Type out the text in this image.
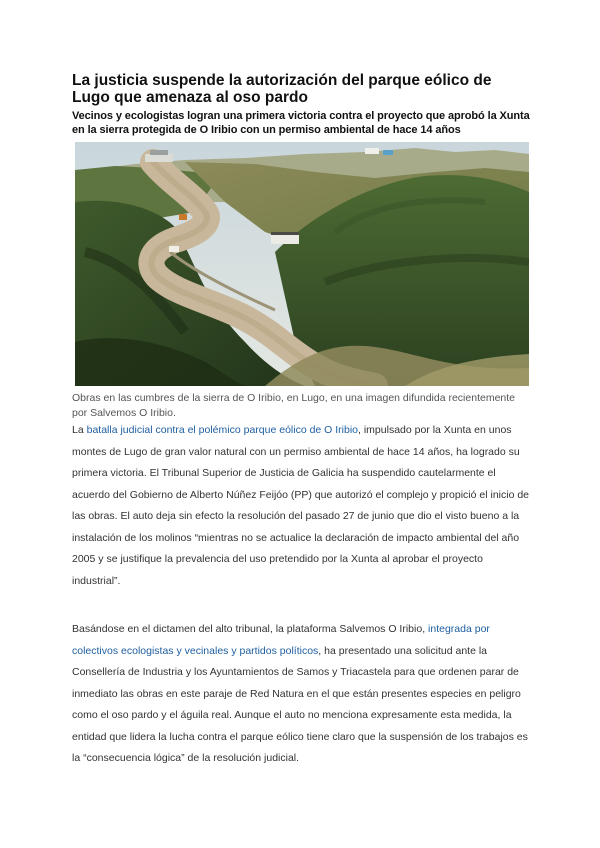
La justicia suspende la autorización del parque eólico de Lugo que amenaza al oso pardo

Vecinos y ecologistas logran una primera victoria contra el proyecto que aprobó la Xunta en la sierra protegida de O Iribio con un permiso ambiental de hace 14 años

Obras en las cumbres de la sierra de O Iribio, en Lugo, en una imagen difundida recientemente por Salvemos O Iribio.

La batalla judicial contra el polémico parque eólico de O Iribio, impulsado por la Xunta en unos montes de Lugo de gran valor natural con un permiso ambiental de hace 14 años, ha logrado su primera victoria. El Tribunal Superior de Justicia de Galicia ha suspendido cautelarmente el acuerdo del Gobierno de Alberto Núñez Feijóo (PP) que autorizó el complejo y propició el inicio de las obras. El auto deja sin efecto la resolución del pasado 27 de junio que dio el visto bueno a la instalación de los molinos “mientras no se actualice la declaración de impacto ambiental del año 2005 y se justifique la prevalencia del uso pretendido por la Xunta al aprobar el proyecto industrial”.

Basándose en el dictamen del alto tribunal, la plataforma Salvemos O Iribio, integrada por colectivos ecologistas y vecinales y partidos políticos, ha presentado una solicitud ante la Consellería de Industria y los Ayuntamientos de Samos y Triacastela para que ordenen parar de inmediato las obras en este paraje de Red Natura en el que están presentes especies en peligro como el oso pardo y el águila real. Aunque el auto no menciona expresamente esta medida, la entidad que lidera la lucha contra el parque eólico tiene claro que la suspensión de los trabajos es la “consecuencia lógica” de la resolución judicial.
